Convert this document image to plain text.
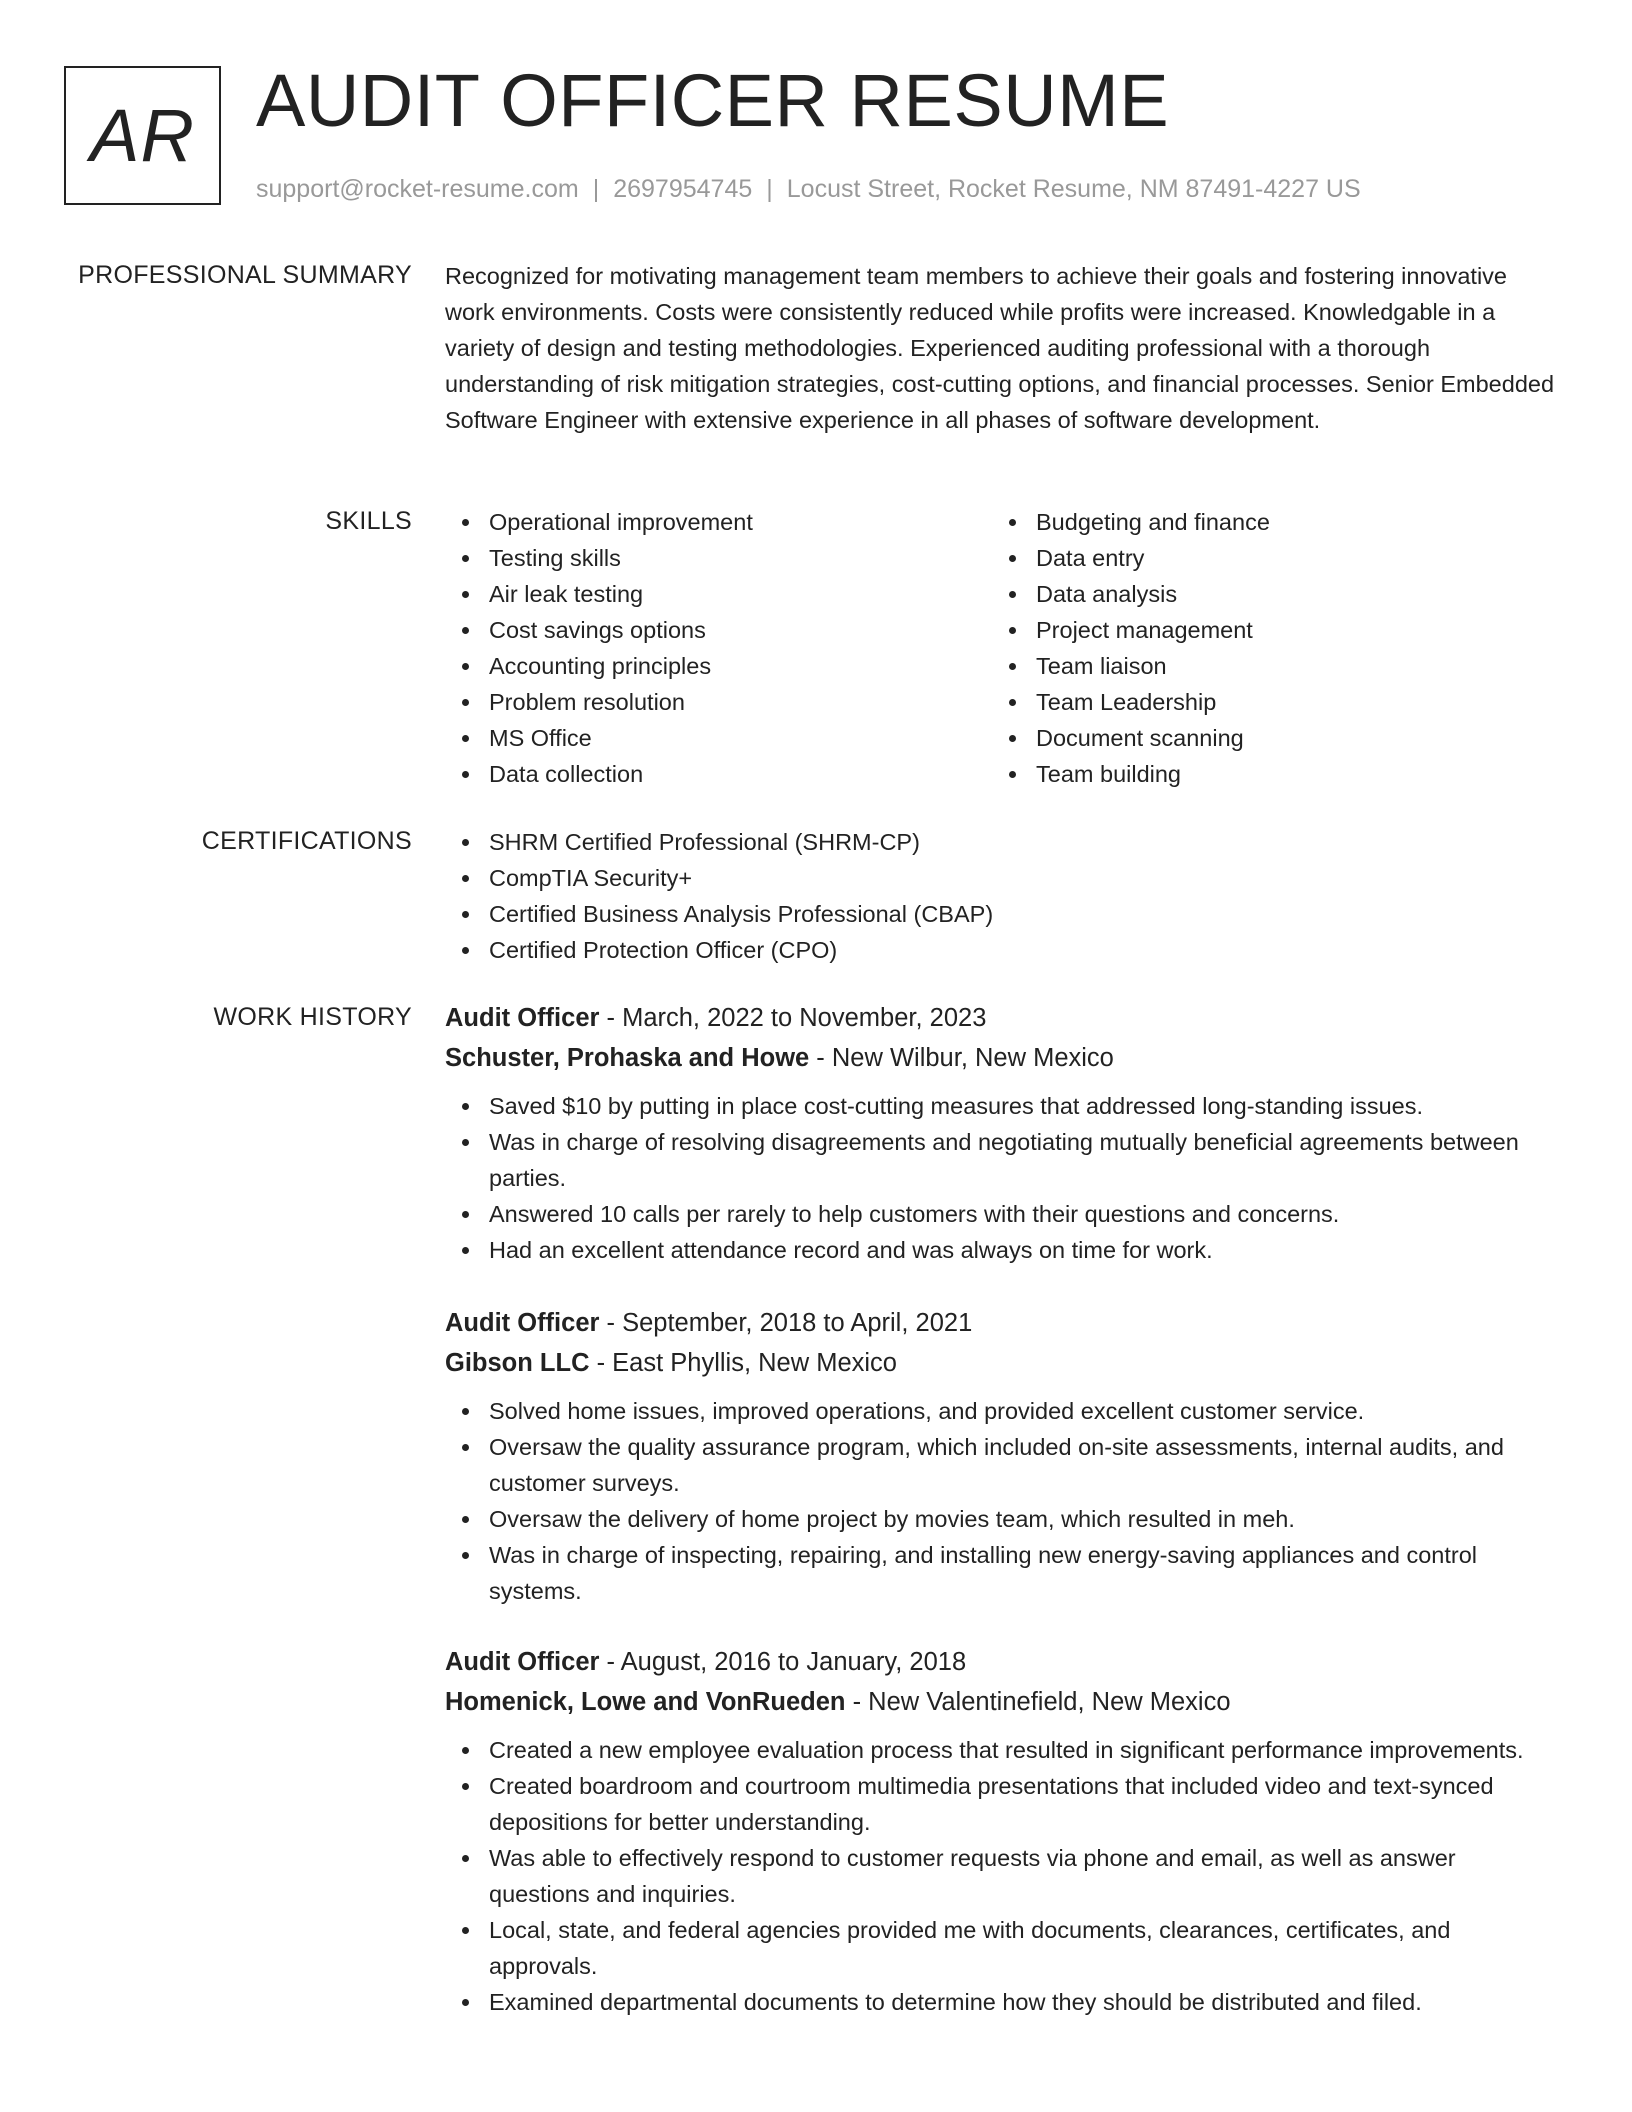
AR AUDIT OFFICER RESUME
support@rocket-resume.com | 2697954745 | Locust Street, Rocket Resume, NM 87491-4227 US
PROFESSIONAL SUMMARY Recognized for motivating management team members to achieve their goals and fostering innovative work environments. Costs were consistently reduced while profits were increased. Knowledgable in a variety of design and testing methodologies. Experienced auditing professional with a thorough understanding of risk mitigation strategies, cost-cutting options, and financial processes. Senior Embedded Software Engineer with extensive experience in all phases of software development.
SKILLS	Operational improvement
Testing skills
Air leak testing
Cost savings options
Accounting principles
Problem resolution
MS Office
Data collection
Budgeting and finance
Data entry
Data analysis
Project management
Team liaison
Team Leadership
Document scanning
Team building
CERTIFICATIONS	SHRM Certified Professional (SHRM-CP)
CompTIA Security+
Certified Business Analysis Professional (CBAP)
Certified Protection Officer (CPO)
WORK HISTORY Audit Officer - March, 2022 to November, 2023
Schuster, Prohaska and Howe - New Wilbur, New Mexico
Saved $10 by putting in place cost-cutting measures that addressed long-standing issues.
Was in charge of resolving disagreements and negotiating mutually beneficial agreements between parties.
Answered 10 calls per rarely to help customers with their questions and concerns.
Had an excellent attendance record and was always on time for work.
Audit Officer - September, 2018 to April, 2021
Gibson LLC - East Phyllis, New Mexico
Solved home issues, improved operations, and provided excellent customer service.
Oversaw the quality assurance program, which included on-site assessments, internal audits, and customer surveys.
Oversaw the delivery of home project by movies team, which resulted in meh.
Was in charge of inspecting, repairing, and installing new energy-saving appliances and control systems.
Audit Officer - August, 2016 to January, 2018
Homenick, Lowe and VonRueden - New Valentinefield, New Mexico
Created a new employee evaluation process that resulted in significant performance improvements.
Created boardroom and courtroom multimedia presentations that included video and text-synced depositions for better understanding.
Was able to effectively respond to customer requests via phone and email, as well as answer questions and inquiries.
Local, state, and federal agencies provided me with documents, clearances, certificates, and approvals.
Examined departmental documents to determine how they should be distributed and filed.
